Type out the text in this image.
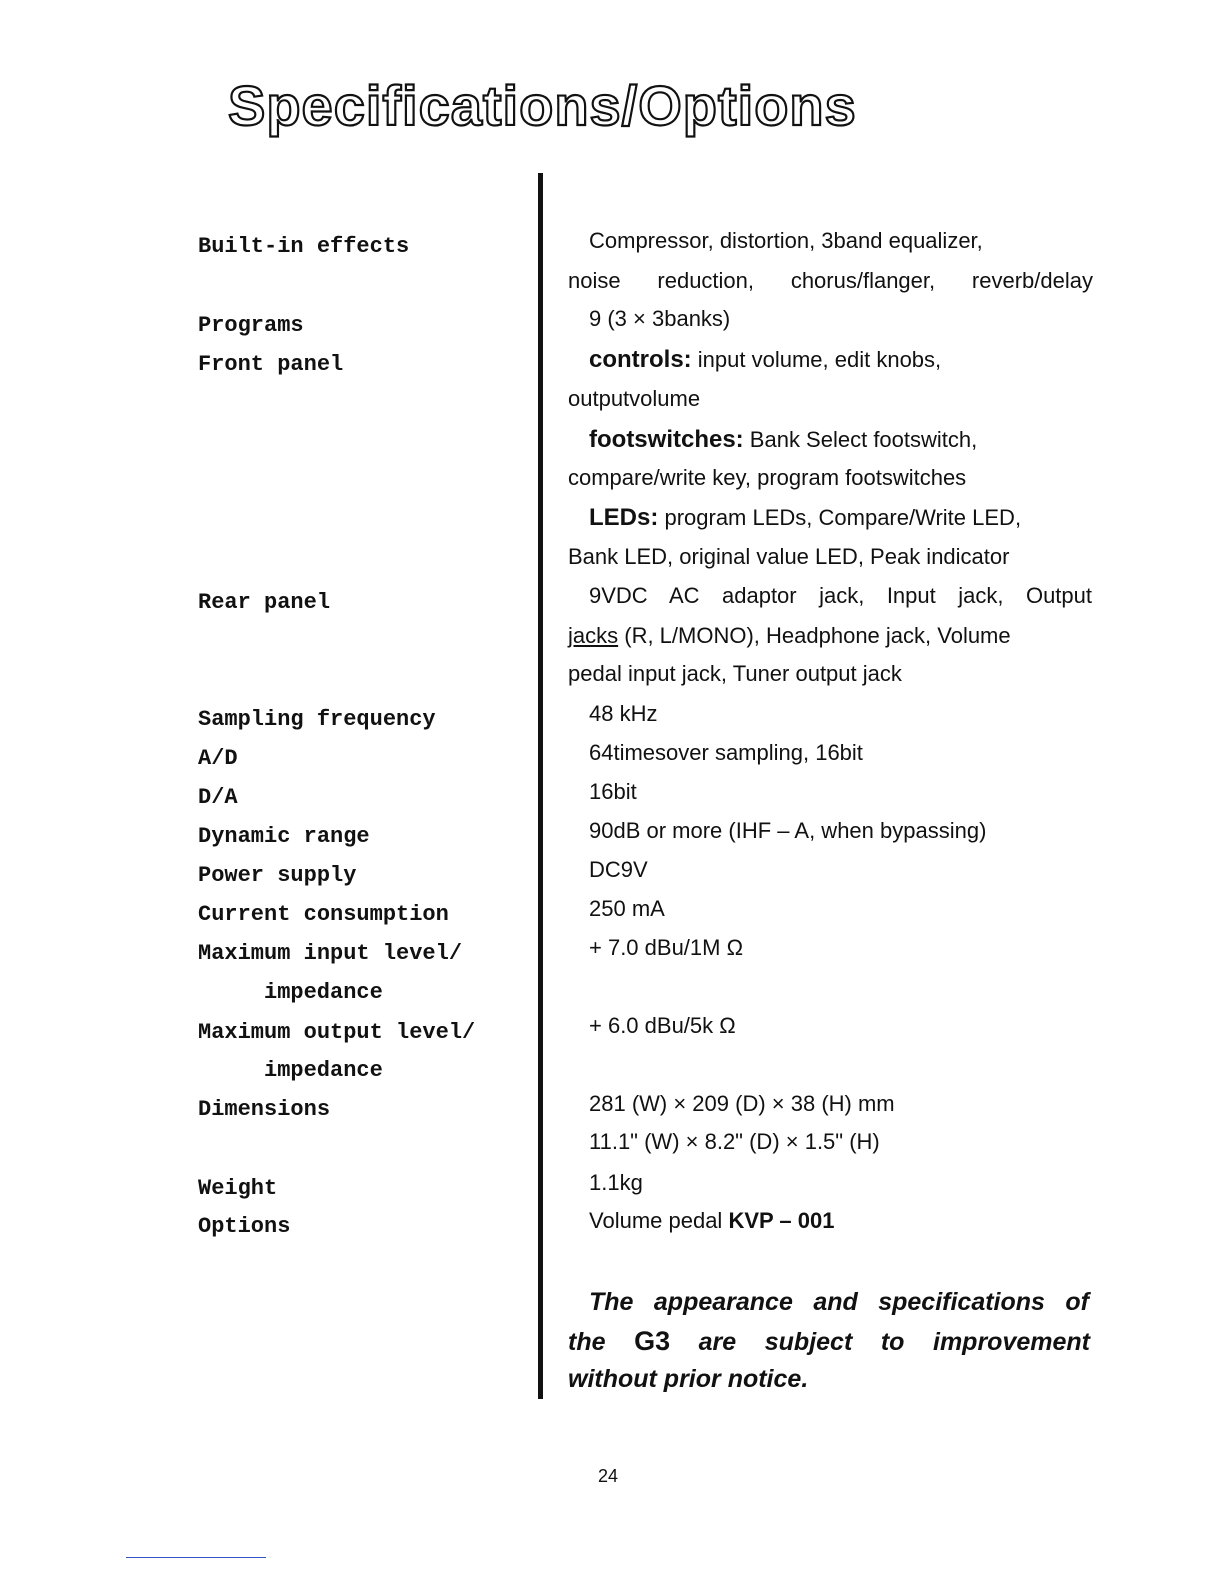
Specifications/Options
Built-in effects
Programs
Front panel
Rear panel
Sampling frequency
A/D
D/A
Dynamic range
Power supply
Current consumption
Maximum input level/
impedance
Maximum output level/
impedance
Dimensions
Weight
Options
Compressor, distortion, 3band equalizer,
noise reduction, chorus/flanger, reverb/delay
9 (3 × 3banks)
controls: input volume, edit knobs,
outputvolume
footswitches: Bank Select footswitch,
compare/write key, program footswitches
LEDs: program LEDs, Compare/Write LED,
Bank LED, original value LED, Peak indicator
9VDC AC adaptor jack, Input jack, Output
jacks (R, L/MONO), Headphone jack, Volume
pedal input jack, Tuner output jack
48 kHz
64timesover sampling, 16bit
16bit
90dB or more (IHF – A, when bypassing)
DC9V
250 mA
+ 7.0 dBu/1M Ω
+ 6.0 dBu/5k Ω
281 (W) × 209 (D) × 38 (H) mm
11.1" (W) × 8.2" (D) × 1.5" (H)
1.1kg
Volume pedal KVP – 001
The appearance and specifications of
the G3 are subject to improvement
without prior notice.
24
